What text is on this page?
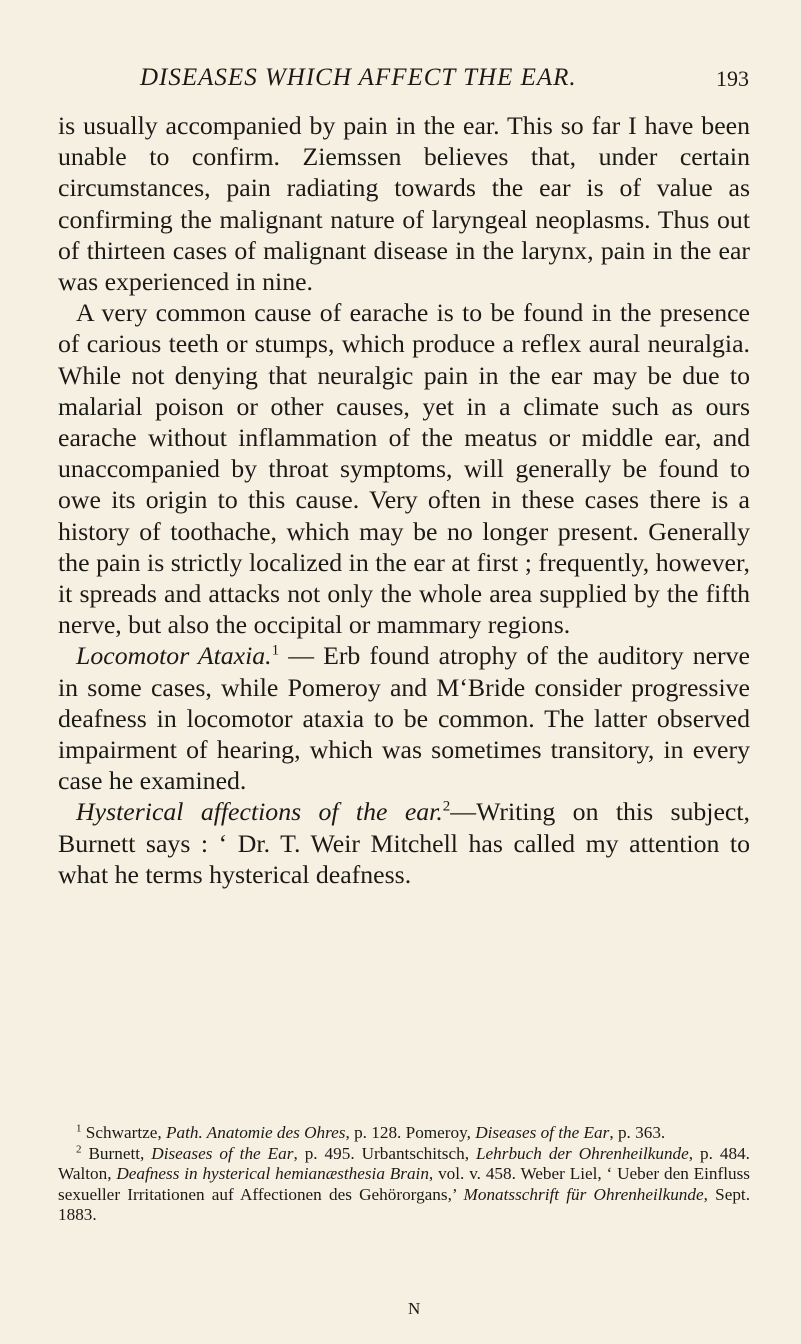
DISEASES WHICH AFFECT THE EAR.	193

is usually accompanied by pain in the ear. This so far I have been unable to confirm. Ziemssen believes that, under certain circumstances, pain radiating towards the ear is of value as confirming the malignant nature of laryngeal neoplasms. Thus out of thirteen cases of malignant disease in the larynx, pain in the ear was experienced in nine.

A very common cause of earache is to be found in the presence of carious teeth or stumps, which produce a reflex aural neuralgia. While not denying that neuralgic pain in the ear may be due to malarial poison or other causes, yet in a climate such as ours earache without inflammation of the meatus or middle ear, and unaccompanied by throat symptoms, will generally be found to owe its origin to this cause. Very often in these cases there is a history of toothache, which may be no longer present. Generally the pain is strictly localized in the ear at first ; frequently, however, it spreads and attacks not only the whole area supplied by the fifth nerve, but also the occipital or mammary regions.

Locomotor Ataxia.$^1$ — Erb found atrophy of the auditory nerve in some cases, while Pomeroy and M‘Bride consider progressive deafness in locomotor ataxia to be common. The latter observed impairment of hearing, which was sometimes transitory, in every case he examined.

Hysterical affections of the ear.$^2$—Writing on this subject, Burnett says : ‘ Dr. T. Weir Mitchell has called my attention to what he terms hysterical deafness.

$^1$ Schwartze, Path. Anatomie des Ohres, p. 128. Pomeroy, Diseases of the Ear, p. 363.

$^2$ Burnett, Diseases of the Ear, p. 495. Urbantschitsch, Lehrbuch der Ohrenheilkunde, p. 484. Walton, Deafness in hysterical hemianæsthesia Brain, vol. v. 458. Weber Liel, ‘ Ueber den Einfluss sexueller Irritationen auf Affectionen des Gehörorgans,’ Monatsschrift für Ohrenheilkunde, Sept. 1883.

N
